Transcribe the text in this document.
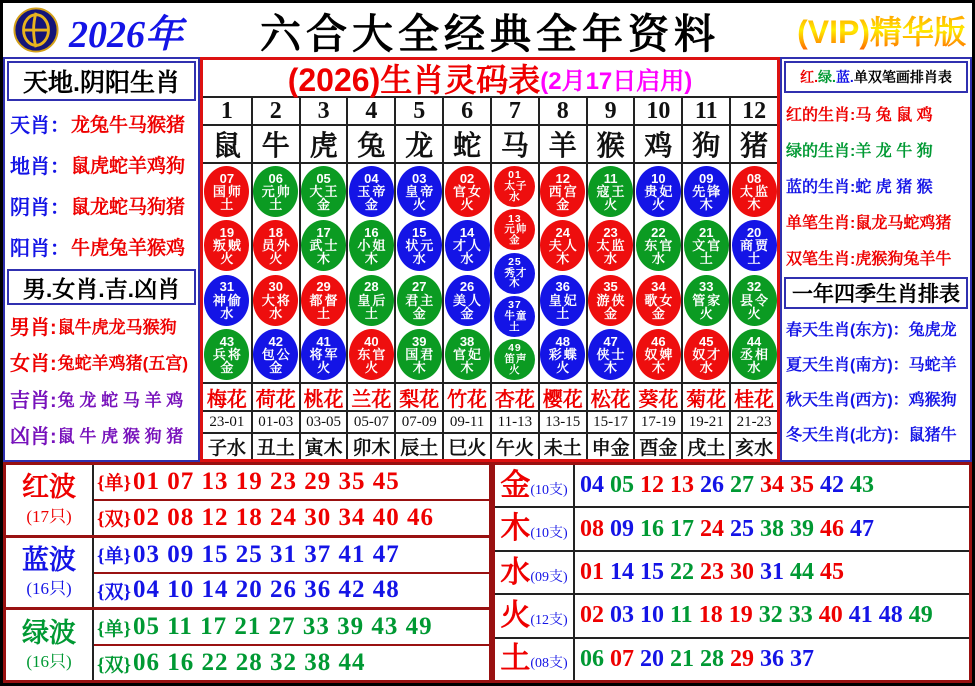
2026年	六合大全经典全年资料	(VIP)精华版
天地.阴阳生肖
天肖： 龙兔牛马猴猪
地肖： 鼠虎蛇羊鸡狗
阴肖： 鼠龙蛇马狗猪
阳肖： 牛虎兔羊猴鸡
男.女肖.吉.凶肖
男肖: 鼠牛虎龙马猴狗
女肖: 兔蛇羊鸡猪(五宫)
吉肖: 兔 龙 蛇 马 羊 鸡
凶肖: 鼠 牛 虎 猴 狗 猪
(2026)生肖灵码表 (2月17日启用)
1
鼠
07
国师
土
19
叛贼
火
31
神偷
水
43
兵将
金
梅花
23-01
子水
2
牛
06
元帅
土
18
员外
火
30
大将
水
42
包公
金
荷花
01-03
丑土
3
虎
05
大王
金
17
武士
木
29
都督
土
41
将军
火
桃花
03-05
寅木
4
兔
04
玉帝
金
16
小姐
木
28
皇后
土
40
东官
火
兰花
05-07
卯木
5
龙
03
皇帝
火
15
状元
水
27
君主
金
39
国君
木
梨花
07-09
辰土
6
蛇
02
官女
火
14
才人
水
26
美人
金
38
官妃
木
竹花
09-11
巳火
7
马
01
太子
水
13
元帅
金
25
秀才
木
37
牛童
土
49
笛声
火
杏花
11-13
午火
8
羊
12
西宫
金
24
夫人
木
36
皇妃
土
48
彩蝶
火
樱花
13-15
未土
9
猴
11
寇王
火
23
太监
水
35
游侠
金
47
侠士
木
松花
15-17
申金
10
鸡
10
贵妃
火
22
东官
水
34
歌女
金
46
奴婢
木
葵花
17-19
酉金
11
狗
09
先锋
木
21
文官
土
33
管家
火
45
奴才
水
菊花
19-21
戌土
12
猪
08
太监
木
20
商贾
土
32
县令
火
44
丞相
水
桂花
21-23
亥水
红. 绿. 蓝. 单双笔画排肖表
红的生肖:马 兔 鼠 鸡
绿的生肖:羊 龙 牛 狗
蓝的生肖:蛇 虎 猪 猴
单笔生肖:鼠龙马蛇鸡猪
双笔生肖:虎猴狗兔羊牛
一年四季生肖排表
春天生肖(东方)：兔虎龙
夏天生肖(南方)：马蛇羊
秋天生肖(西方)：鸡猴狗
冬天生肖(北方)：鼠猪牛
红波
(17只)
{单} 01 07 13 19 23 29 35 45
{双} 02 08 12 18 24 30 34 40 46
蓝波
(16只)
{单} 03 09 15 25 31 37 41 47
{双} 04 10 14 20 26 36 42 48
绿波
(16只)
{单} 05 11 17 21 27 33 39 43 49
{双} 06 16 22 28 32 38 44
金 (10支) 04 05 12 13 26 27 34 35 42 43
木 (10支) 08 09 16 17 24 25 38 39 46 47
水 (09支) 01 14 15 22 23 30 31 44 45
火 (12支) 02 03 10 11 18 19 32 33 40 41 48 49
土 (08支) 06 07 20 21 28 29 36 37
